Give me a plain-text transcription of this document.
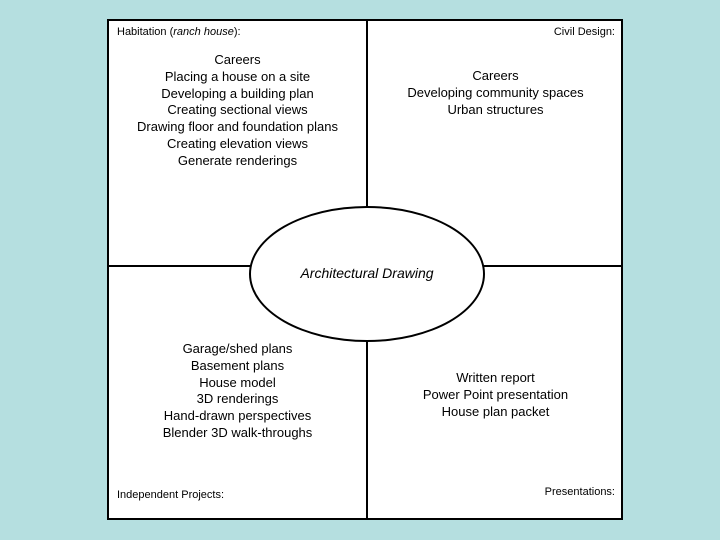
Habitation (ranch house):	Civil Design:
Independent Projects:	Presentations:
Careers
Placing a house on a site
Developing a building plan
Creating sectional views
Drawing floor and foundation plans
Creating elevation views
Generate renderings
Careers
Developing community spaces
Urban structures
Garage/shed plans
Basement plans
House model
3D renderings
Hand-drawn perspectives
Blender 3D walk-throughs
Written report
Power Point presentation
House plan packet
Architectural Drawing
